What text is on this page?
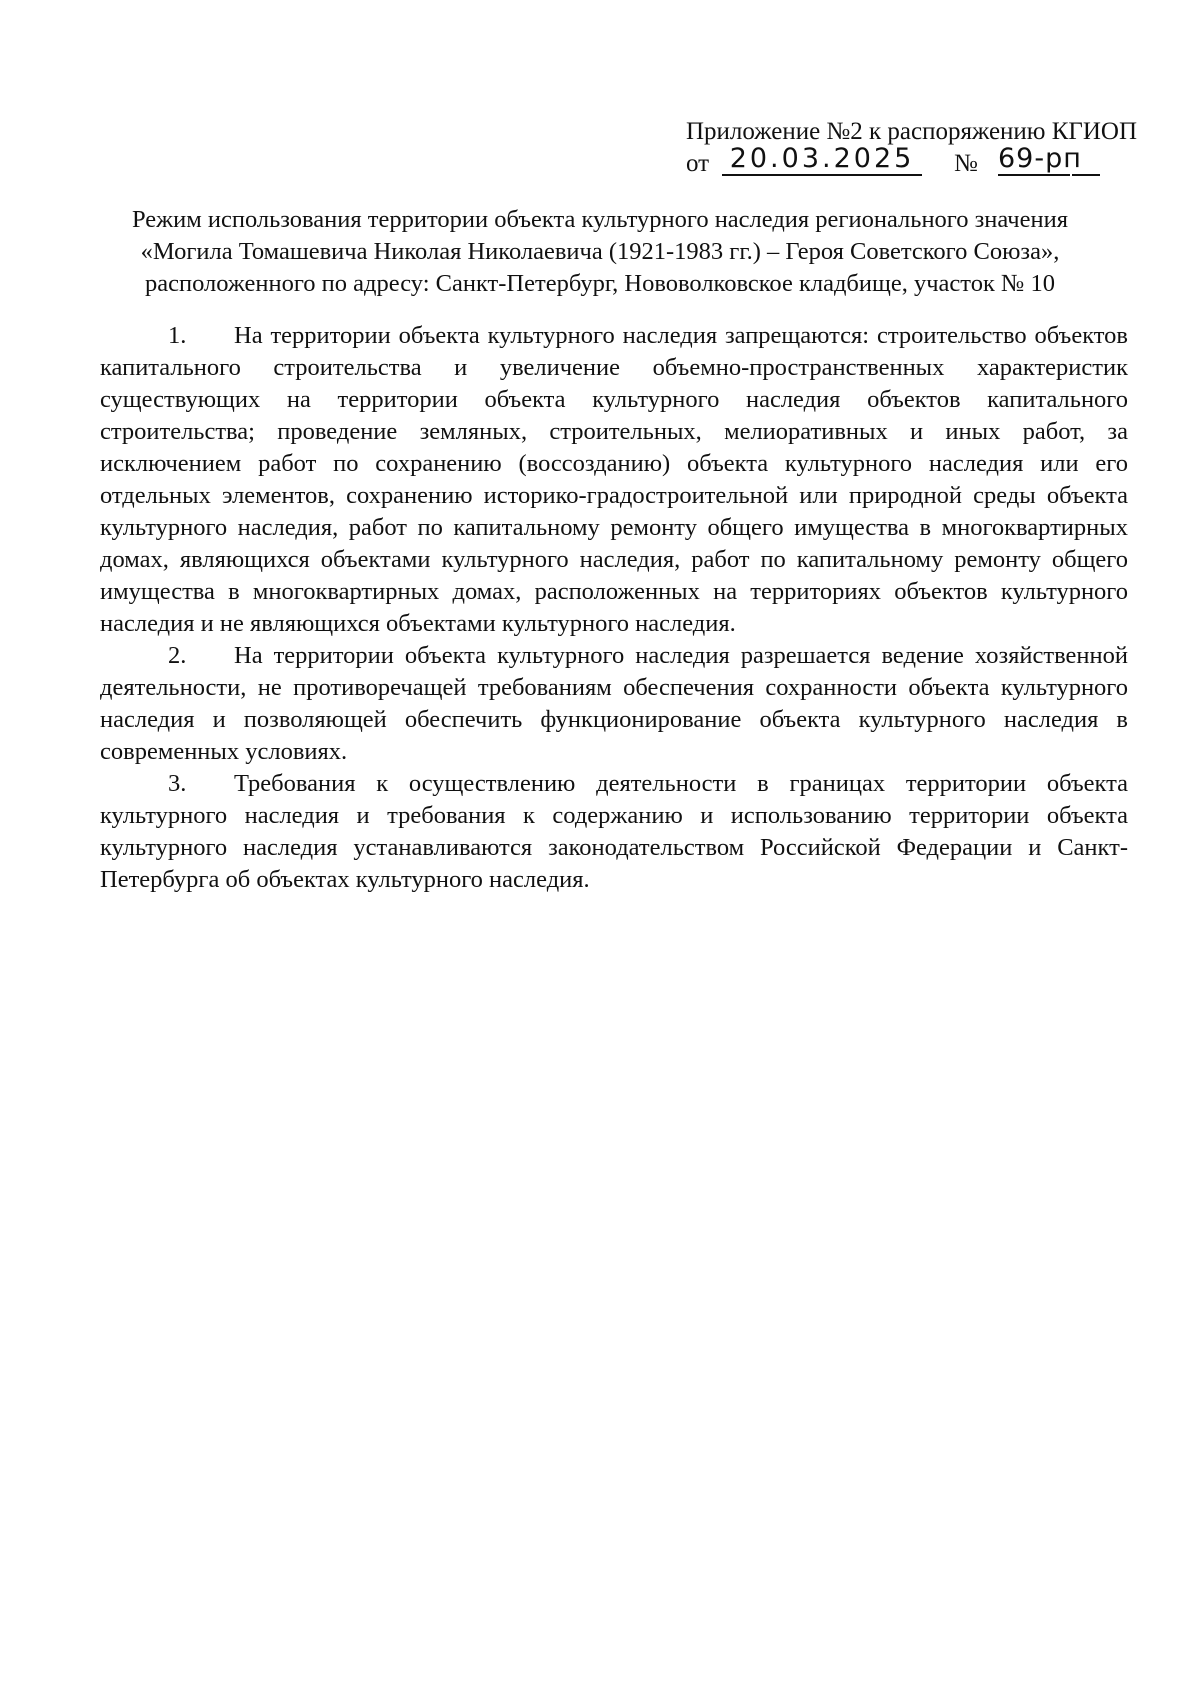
Приложение №2 к распоряжению КГИОП
от 20.03.2025	№ 69-рп
Режим использования территории объекта культурного наследия регионального значения
«Могила Томашевича Николая Николаевича (1921-1983 гг.) – Героя Советского Союза»,
расположенного по адресу: Санкт-Петербург, Нововолковское кладбище, участок № 10

1. На территории объекта культурного наследия запрещаются: строительство объектов капитального строительства и увеличение объемно-пространственных характеристик существующих на территории объекта культурного наследия объектов капитального строительства; проведение земляных, строительных, мелиоративных и иных работ, за исключением работ по сохранению (воссозданию) объекта культурного наследия или его отдельных элементов, сохранению историко-градостроительной или природной среды объекта культурного наследия, работ по капитальному ремонту общего имущества в многоквартирных домах, являющихся объектами культурного наследия, работ по капитальному ремонту общего имущества в многоквартирных домах, расположенных на территориях объектов культурного наследия и не являющихся объектами культурного наследия.

2. На территории объекта культурного наследия разрешается ведение хозяйственной деятельности, не противоречащей требованиям обеспечения сохранности объекта культурного наследия и позволяющей обеспечить функционирование объекта культурного наследия в современных условиях.

3. Требования к осуществлению деятельности в границах территории объекта культурного наследия и требования к содержанию и использованию территории объекта культурного наследия устанавливаются законодательством Российской Федерации и Санкт-Петербурга об объектах культурного наследия.
